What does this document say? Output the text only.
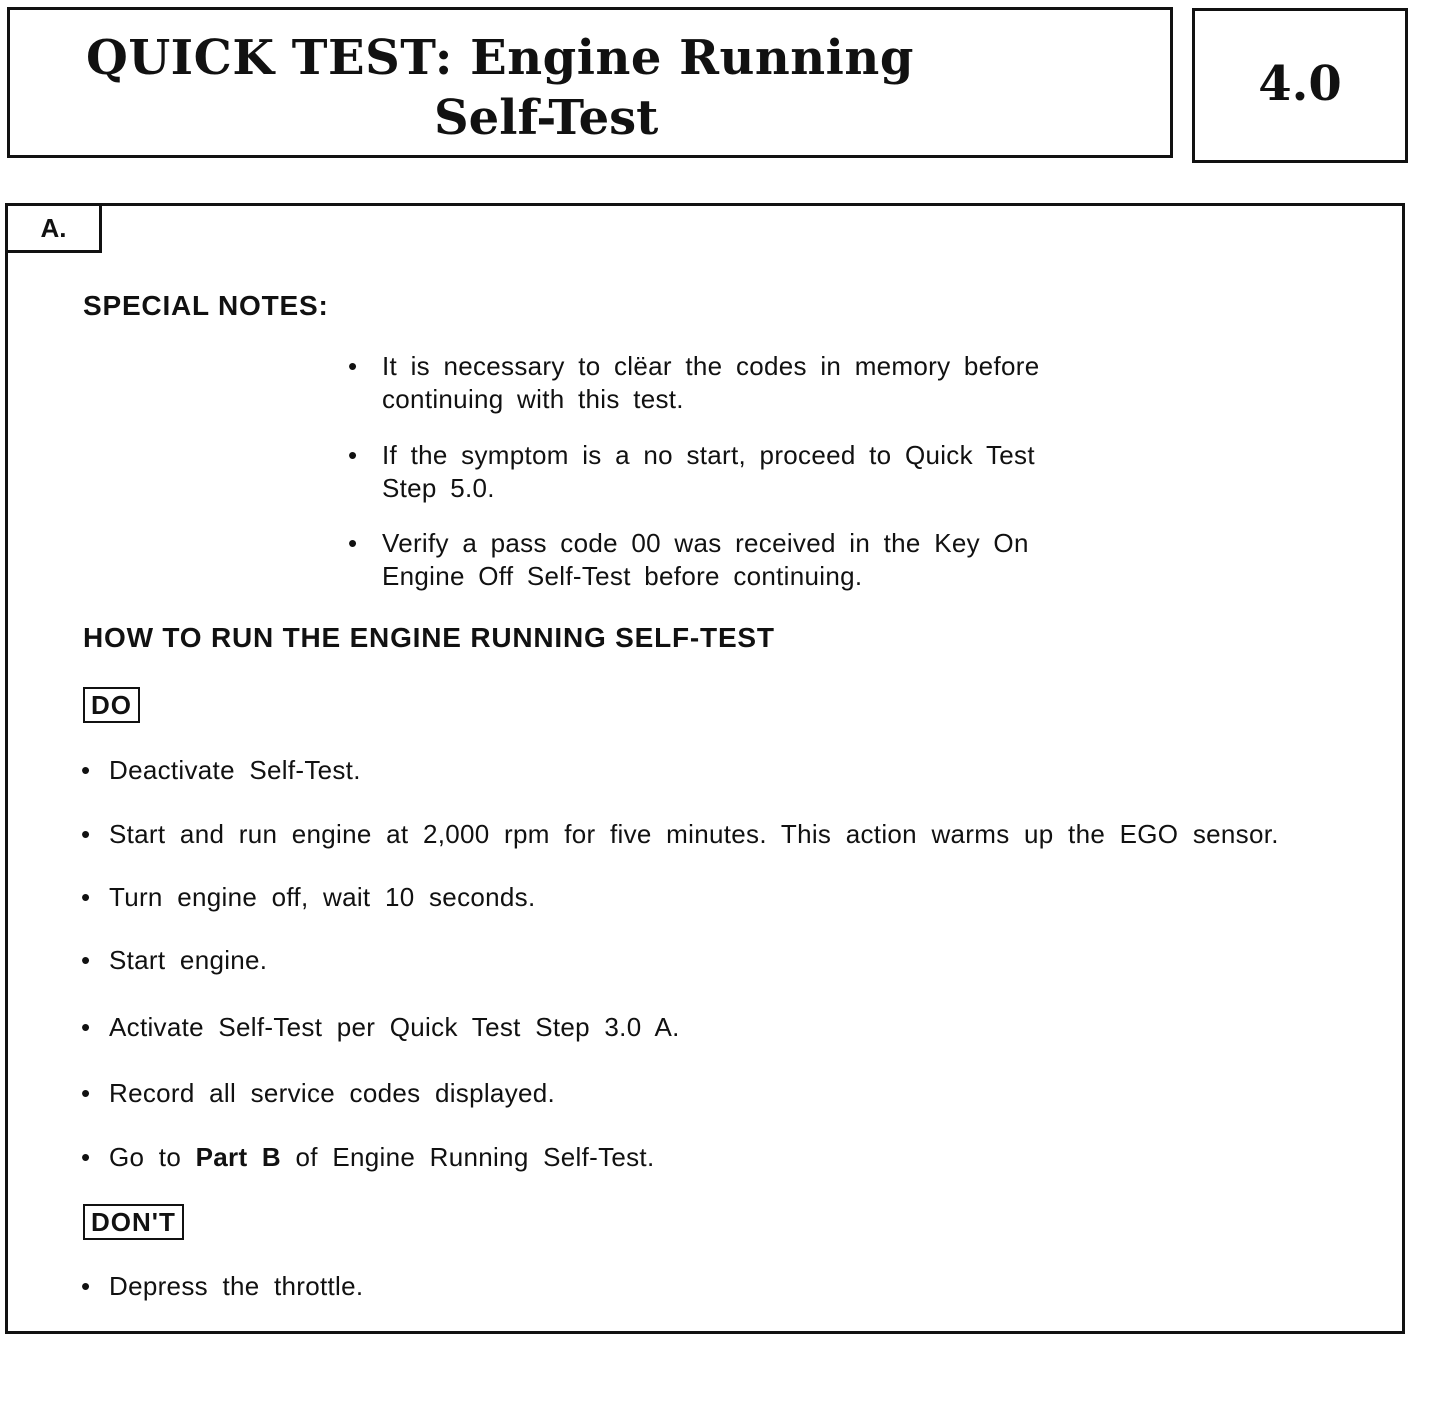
QUICK TEST: Engine Running
Self-Test
4.0
A.
SPECIAL NOTES:
• It is necessary to clëar the codes in memory before continuing with this test.
• If the symptom is a no start, proceed to Quick Test Step 5.0.
• Verify a pass code 00 was received in the Key On Engine Off Self-Test before continuing.
HOW TO RUN THE ENGINE RUNNING SELF-TEST
DO
• Deactivate Self-Test.
• Start and run engine at 2,000 rpm for five minutes. This action warms up the EGO sensor.
• Turn engine off, wait 10 seconds.
• Start engine.
• Activate Self-Test per Quick Test Step 3.0 A.
• Record all service codes displayed.
• Go to Part B of Engine Running Self-Test.
DON'T
• Depress the throttle.
